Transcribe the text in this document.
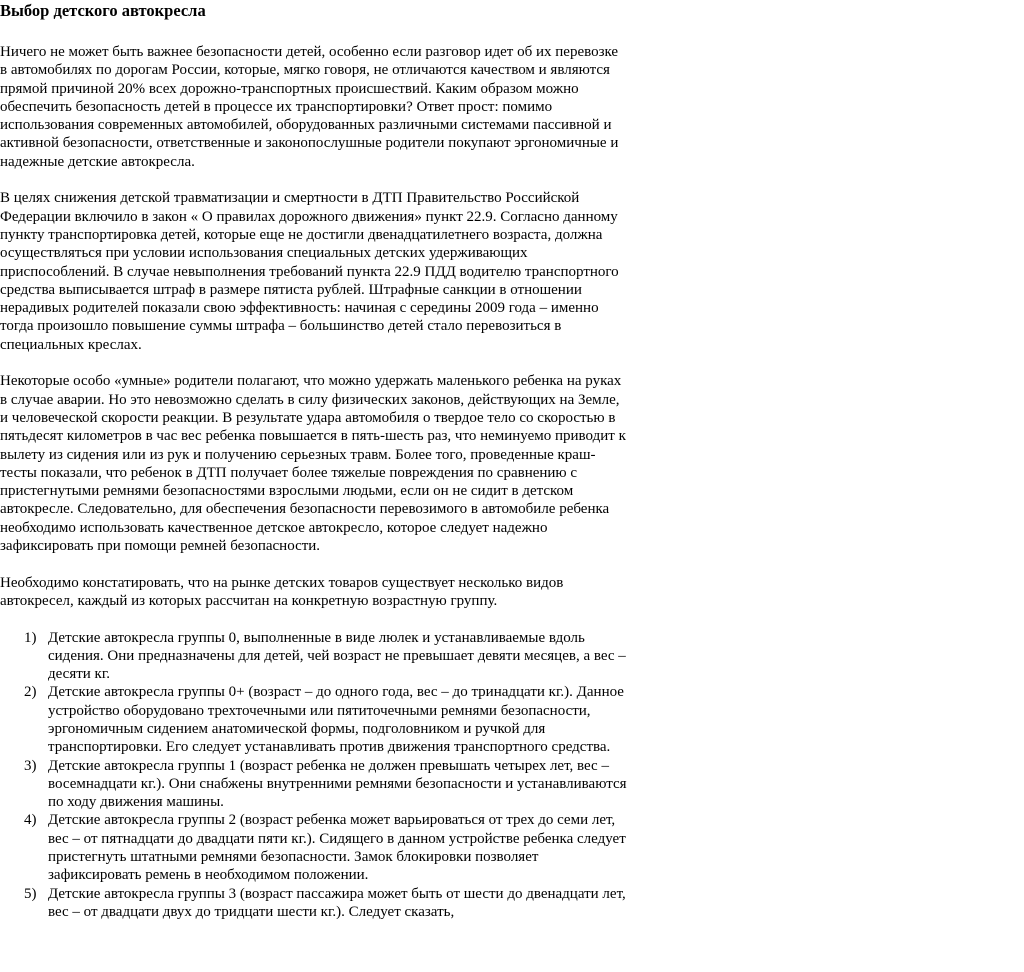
Выбор детского автокресла

Ничего не может быть важнее безопасности детей, особенно если разговор идет об их перевозке в автомобилях по дорогам России, которые, мягко говоря, не отличаются качеством и являются прямой причиной 20% всех дорожно-транспортных происшествий. Каким образом можно обеспечить безопасность детей в процессе их транспортировки? Ответ прост: помимо использования современных автомобилей, оборудованных различными системами пассивной и активной безопасности, ответственные и законопослушные родители покупают эргономичные и надежные детские автокресла.

В целях снижения детской травматизации и смертности в ДТП Правительство Российской Федерации включило в закон « О правилах дорожного движения» пункт 22.9. Согласно данному пункту транспортировка детей, которые еще не достигли двенадцатилетнего возраста, должна осуществляться при условии использования специальных детских удерживающих приспособлений. В случае невыполнения требований пункта 22.9 ПДД водителю транспортного средства выписывается штраф в размере пятиста рублей. Штрафные санкции в отношении нерадивых родителей показали свою эффективность: начиная с середины 2009 года – именно тогда произошло повышение суммы штрафа – большинство детей стало перевозиться в специальных креслах.

Некоторые особо «умные» родители полагают, что можно удержать маленького ребенка на руках в случае аварии. Но это невозможно сделать в силу физических законов, действующих на Земле, и человеческой скорости реакции. В результате удара автомобиля о твердое тело со скоростью в пятьдесят километров в час вес ребенка повышается в пять-шесть раз, что неминуемо приводит к вылету из сидения или из рук и получению серьезных травм. Более того, проведенные краш-тесты показали, что ребенок в ДТП получает более тяжелые повреждения по сравнению с пристегнутыми ремнями безопасностями взрослыми людьми, если он не сидит в детском автокресле. Следовательно, для обеспечения безопасности перевозимого в автомобиле ребенка необходимо использовать качественное детское автокресло, которое следует надежно зафиксировать при помощи ремней безопасности.

Необходимо констатировать, что на рынке детских товаров существует несколько видов автокресел, каждый из которых рассчитан на конкретную возрастную группу.

1) Детские автокресла группы 0, выполненные в виде люлек и устанавливаемые вдоль сидения. Они предназначены для детей, чей возраст не превышает девяти месяцев, а вес – десяти кг.
2) Детские автокресла группы 0+ (возраст – до одного года, вес – до тринадцати кг.). Данное устройство оборудовано трехточечными или пятиточечными ремнями безопасности, эргономичным сидением анатомической формы, подголовником и ручкой для транспортировки. Его следует устанавливать против движения транспортного средства.
3) Детские автокресла группы 1 (возраст ребенка не должен превышать четырех лет, вес – восемнадцати кг.). Они снабжены внутренними ремнями безопасности и устанавливаются по ходу движения машины.
4) Детские автокресла группы 2 (возраст ребенка может варьироваться от трех до семи лет, вес – от пятнадцати до двадцати пяти кг.). Сидящего в данном устройстве ребенка следует пристегнуть штатными ремнями безопасности. Замок блокировки позволяет зафиксировать ремень в необходимом положении.
5) Детские автокресла группы 3 (возраст пассажира может быть от шести до двенадцати лет, вес – от двадцати двух до тридцати шести кг.). Следует сказать,
